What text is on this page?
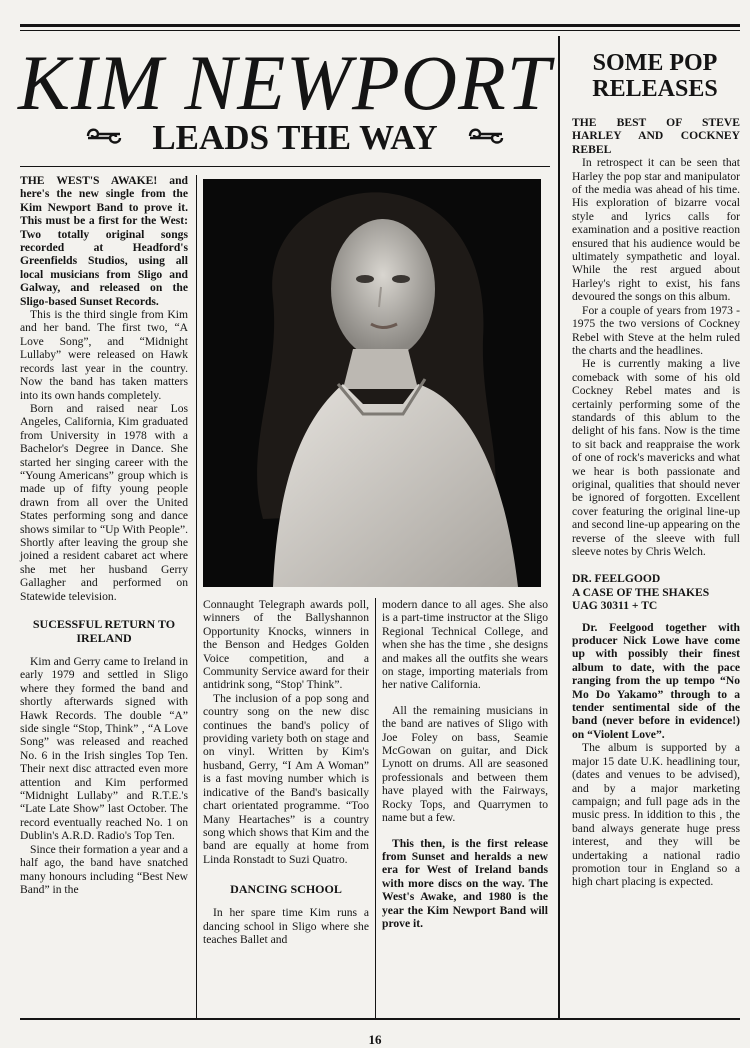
KIM NEWPORT
LEADS THE WAY

THE WEST'S AWAKE! and here's the new single from the Kim Newport Band to prove it. This must be a first for the West: Two totally original songs recorded at Headford's Greenfields Studios, using all local musicians from Sligo and Galway, and released on the Sligo-based Sunset Records.

This is the third single from Kim and her band. The first two, “A Love Song”, and “Midnight Lullaby” were released on Hawk records last year in the country. Now the band has taken matters into its own hands completely.

Born and raised near Los Angeles, California, Kim graduated from University in 1978 with a Bachelor's Degree in Dance. She started her singing career with the “Young Americans” group which is made up of fifty young people drawn from all over the United States performing song and dance shows similar to “Up With People”. Shortly after leaving the group she joined a resident cabaret act where she met her husband Gerry Gallagher and performed on Statewide television.

SUCESSFUL RETURN TO IRELAND

Kim and Gerry came to Ireland in early 1979 and settled in Sligo where they formed the band and shortly afterwards signed with Hawk Records. The double “A” side single “Stop, Think” , “A Love Song” was released and reached No. 6 in the Irish singles Top Ten. Their next disc attracted even more attention and Kim performed “Midnight Lullaby” and R.T.E.'s “Late Late Show” last October. The record eventually reached No. 1 on Dublin's A.R.D. Radio's Top Ten.

Since their formation a year and a half ago, the band have snatched many honours including “Best New Band” in the

Connaught Telegraph awards poll, winners of the Ballyshannon Opportunity Knocks, winners in the Benson and Hedges Golden Voice competition, and a Community Service award for their antidrink song, “Stop' Think”.

The inclusion of a pop song and country song on the new disc continues the band's policy of providing variety both on stage and on vinyl. Written by Kim's husband, Gerry, “I Am A Woman” is a fast moving number which is indicative of the Band's basically chart orientated programme. “Too Many Heartaches” is a country song which shows that Kim and the band are equally at home from Linda Ronstadt to Suzi Quatro.

DANCING SCHOOL

In her spare time Kim runs a dancing school in Sligo where she teaches Ballet and

modern dance to all ages. She also is a part-time instructor at the Sligo Regional Technical College, and when she has the time , she designs and makes all the outfits she wears on stage, importing materials from her native California.

All the remaining musicians in the band are natives of Sligo with Joe Foley on bass, Seamie McGowan on guitar, and Dick Lynott on drums. All are seasoned professionals and between them have played with the Fairways, Rocky Tops, and Quarrymen to name but a few.

This then, is the first release from Sunset and heralds a new era for West of Ireland bands with more discs on the way. The West's Awake, and 1980 is the year the Kim Newport Band will prove it.

SOME POP RELEASES

THE BEST OF STEVE HARLEY AND COCKNEY REBEL

In retrospect it can be seen that Harley the pop star and manipulator of the media was ahead of his time. His exploration of bizarre vocal style and lyrics calls for examination and a positive reaction ensured that his audience would be ultimately sympathetic and loyal. While the rest argued about Harley's right to exist, his fans devoured the songs on this album.

For a couple of years from 1973 - 1975 the two versions of Cockney Rebel with Steve at the helm ruled the charts and the headlines.

He is currently making a live comeback with some of his old Cockney Rebel mates and is certainly performing some of the standards of this ablum to the delight of his fans. Now is the time to sit back and reappraise the work of one of rock's mavericks and what we hear is both passionate and original, qualities that should never be ignored of forgotten. Excellent cover featuring the original line-up and second line-up appearing on the reverse of the sleeve with full sleeve notes by Chris Welch.

DR. FEELGOOD

A CASE OF THE SHAKES

UAG 30311 + TC

Dr. Feelgood together with producer Nick Lowe have come up with possibly their finest album to date, with the pace ranging from the up tempo “No Mo Do Yakamo” through to a tender sentimental side of the band (never before in evidence!) on “Violent Love”.

The album is supported by a major 15 date U.K. headlining tour, (dates and venues to be advised), and by a major marketing campaign; and full page ads in the music press. In iddition to this , the band always generate huge press interest, and they will be undertaking a national radio promotion tour in England so a high chart placing is expected.

16
